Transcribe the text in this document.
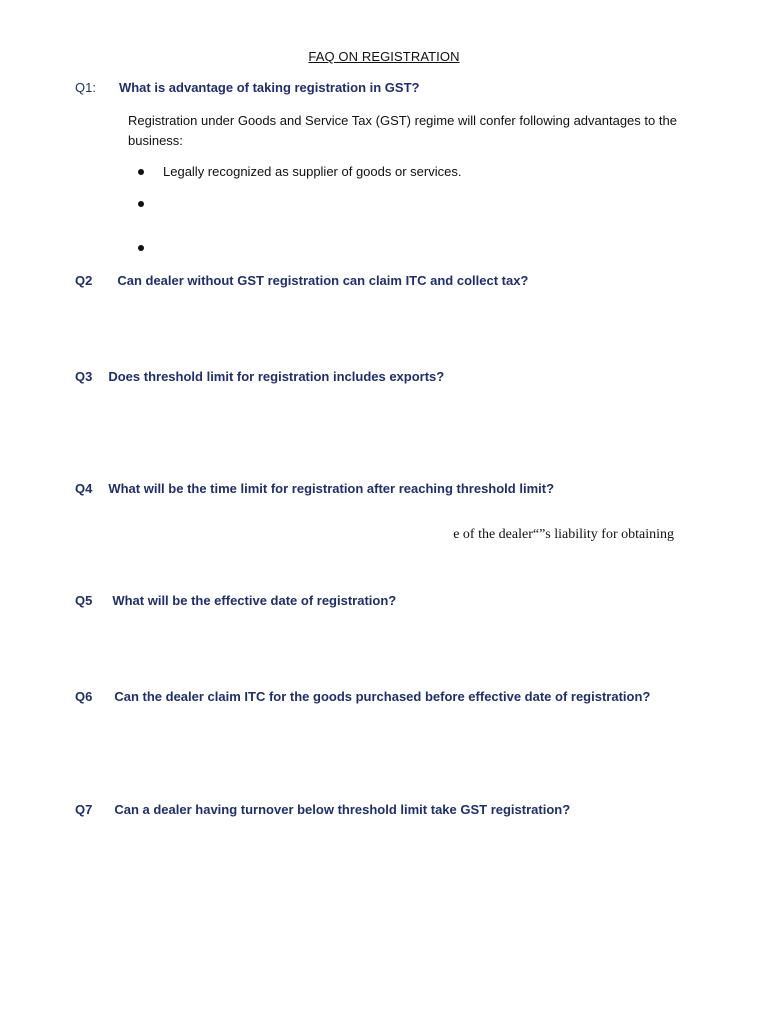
FAQ ON REGISTRATION
Q1: What is advantage of taking registration in GST?
Registration under Goods and Service Tax (GST) regime will confer following advantages to the business:
Legally recognized as supplier of goods or services.
Q2 Can dealer without GST registration can claim ITC and collect tax?
Q3 Does threshold limit for registration includes exports?
Q4 What will be the time limit for registration after reaching threshold limit?
e of the dealer“”s liability for obtaining
Q5 What will be the effective date of registration?
Q6 Can the dealer claim ITC for the goods purchased before effective date of registration?
Q7 Can a dealer having turnover below threshold limit take GST registration?
